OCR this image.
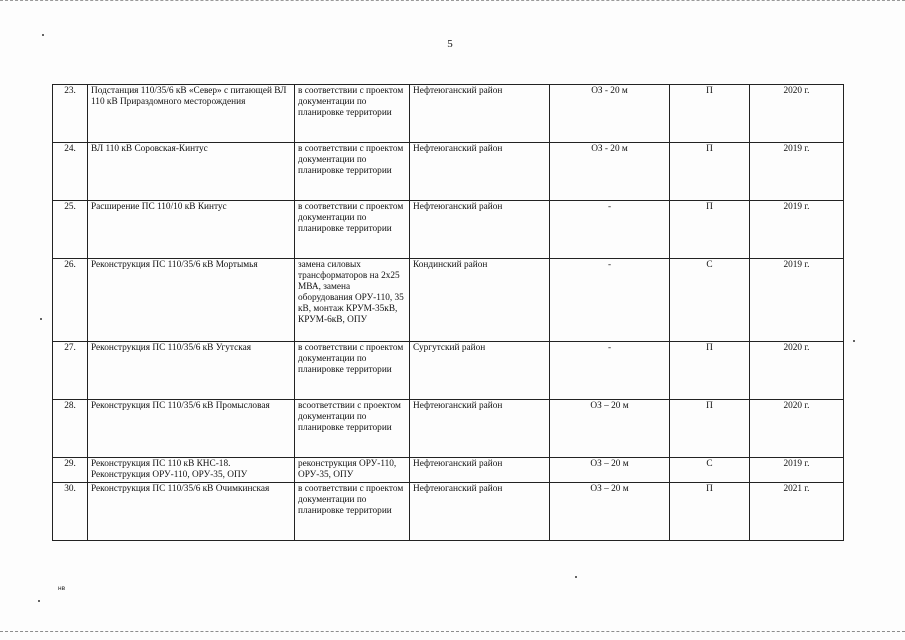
5
23.	Подстанция 110/35/6 кВ «Север» с питающей ВЛ 110 кВ Прираздомного месторождения	в соответствии с проектом документации по планировке территории	Нефтеюганский район	ОЗ - 20 м	П	2020 г.
24.	ВЛ 110 кВ Соровская-Кинтус	в соответствии с проектом документации по планировке территории	Нефтеюганский район	ОЗ - 20 м	П	2019 г.
25.	Расширение ПС 110/10 кВ Кинтус	в соответствии с проектом документации по планировке территории	Нефтеюганский район	-	П	2019 г.
26.	Реконструкция ПС 110/35/6 кВ Мортымья	замена силовых трансформаторов на 2x25 МВА, замена оборудования ОРУ-110, 35 кВ, монтаж КРУМ-35кВ, КРУМ-6кВ, ОПУ	Кондинский район	-	С	2019 г.
27.	Реконструкция ПС 110/35/6 кВ Угутская	в соответствии с проектом документации по планировке территории	Сургутский район	-	П	2020 г.
28.	Реконструкция ПС 110/35/6 кВ Промысловая	всоответствии с проектом документации по планировке территории	Нефтеюганский район	ОЗ – 20 м	П	2020 г.
29.	Реконструкция ПС 110 кВ КНС-18. Реконструкция ОРУ-110, ОРУ-35, ОПУ	реконструкция ОРУ-110, ОРУ-35, ОПУ	Нефтеюганский район	ОЗ – 20 м	С	2019 г.
30.	Реконструкция ПС 110/35/6 кВ Очимкинская	в соответствии с проектом документации по планировке территории	Нефтеюганский район	ОЗ – 20 м	П	2021 г.
нв
